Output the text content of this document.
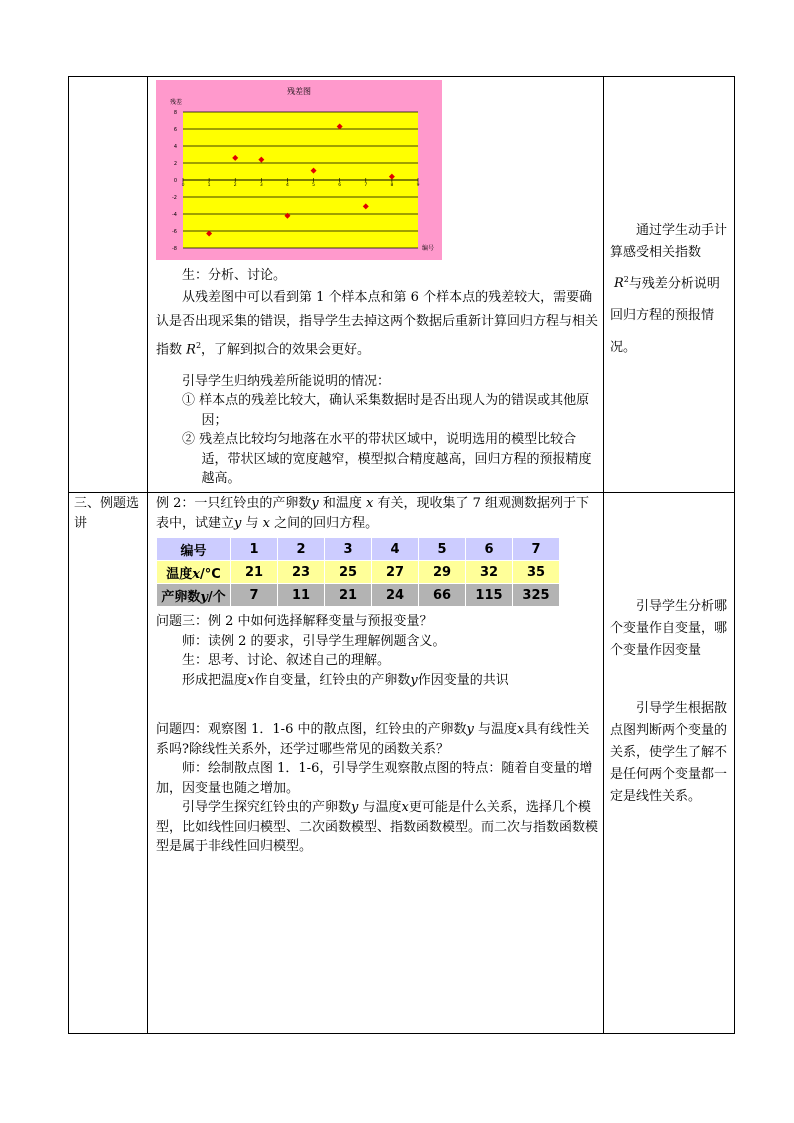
残差图
残差
编号
8
6
4
2
0
-2
-4
-6
-8
0	1	2	3	4	5	6	7	8	9
生：分析、讨论。
从残差图中可以看到第 1 个样本点和第 6 个样本点的残差较大，需要确认是否出现采集的错误，指导学生去掉这两个数据后重新计算回归方程与相关指数 $R^2$，了解到拟合的效果会更好。
引导学生归纳残差所能说明的情况：
① 样本点的残差比较大，确认采集数据时是否出现人为的错误或其他原因；
② 残差点比较均匀地落在水平的带状区域中，说明选用的模型比较合适，带状区域的宽度越窄，模型拟合精度越高，回归方程的预报精度越高。

通过学生动手计算感受相关指数

$R^2$与残差分析说明回归方程的预报情况。
三、例题选讲
例 2：一只红铃虫的产卵数y 和温度 x 有关，现收集了 7 组观测数据列于下表中，试建立y 与 x 之间的回归方程。
编号	1	2	3	4	5	6	7
温度x/°C	21	23	25	27	29	32	35
产卵数y/个	7	11	21	24	66	115	325
问题三：例 2 中如何选择解释变量与预报变量？
师：读例 2 的要求，引导学生理解例题含义。
生：思考、讨论、叙述自己的理解。
形成把温度x作自变量，红铃虫的产卵数y作因变量的共识
问题四：观察图 1．1-6 中的散点图，红铃虫的产卵数y 与温度x具有线性关系吗?除线性关系外，还学过哪些常见的函数关系？
师：绘制散点图 1．1-6，引导学生观察散点图的特点：随着自变量的增加，因变量也随之增加。
引导学生探究红铃虫的产卵数y 与温度x更可能是什么关系，选择几个模型，比如线性回归模型、二次函数模型、指数函数模型。而二次与指数函数模型是属于非线性回归模型。

引导学生分析哪个变量作自变量，哪个变量作因变量

引导学生根据散点图判断两个变量的关系，使学生了解不是任何两个变量都一定是线性关系。
